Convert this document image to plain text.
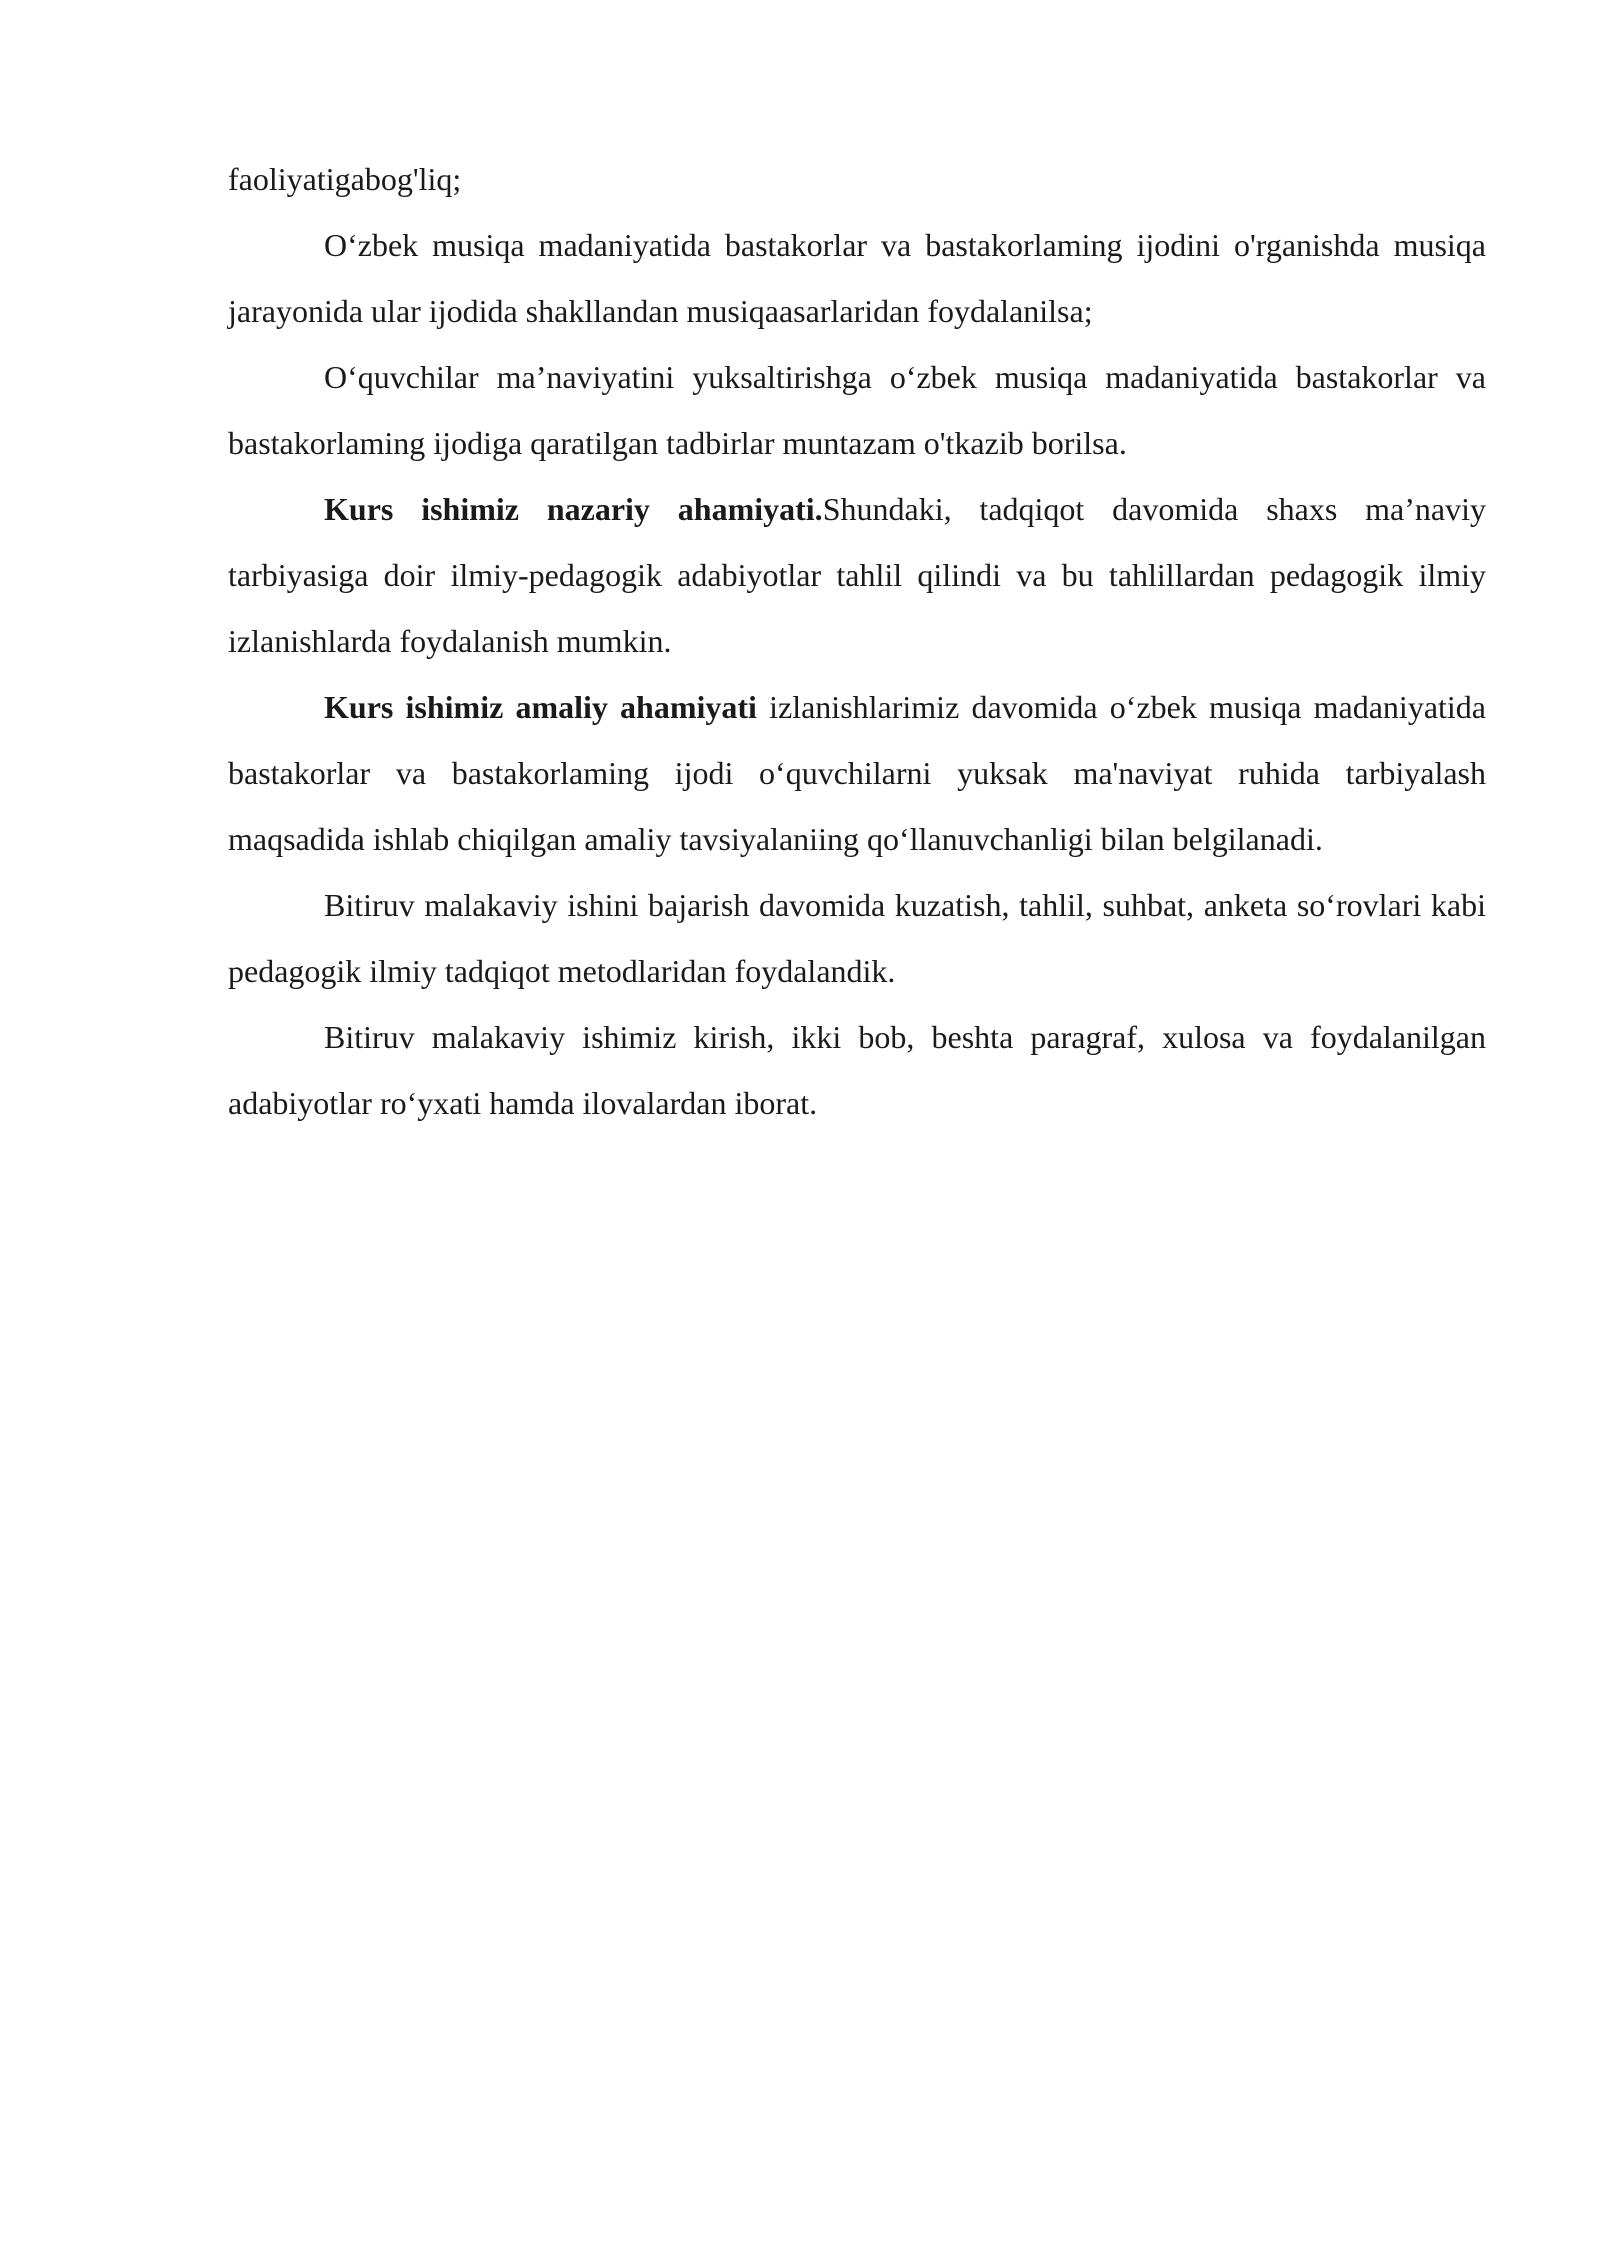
faoliyatigabog'liq;

O‘zbek musiqa madaniyatida bastakorlar va bastakorlaming ijodini o'rganishda musiqa jarayonida ular ijodida shakllandan musiqaasarlaridan foydalanilsa;

O‘quvchilar ma’naviyatini yuksaltirishga o‘zbek musiqa madaniyatida bastakorlar va bastakorlaming ijodiga qaratilgan tadbirlar muntazam o'tkazib borilsa.

Kurs ishimiz nazariy ahamiyati.Shundaki, tadqiqot davomida shaxs ma’naviy tarbiyasiga doir ilmiy-pedagogik adabiyotlar tahlil qilindi va bu tahlillardan pedagogik ilmiy izlanishlarda foydalanish mumkin.

Kurs ishimiz amaliy ahamiyati izlanishlarimiz davomida o‘zbek musiqa madaniyatida bastakorlar va bastakorlaming ijodi o‘quvchilarni yuksak ma'naviyat ruhida tarbiyalash maqsadida ishlab chiqilgan amaliy tavsiyalaniing qo‘llanuvchanligi bilan belgilanadi.

Bitiruv malakaviy ishini bajarish davomida kuzatish, tahlil, suhbat, anketa so‘rovlari kabi pedagogik ilmiy tadqiqot metodlaridan foydalandik.

Bitiruv malakaviy ishimiz kirish, ikki bob, beshta paragraf, xulosa va foydalanilgan adabiyotlar ro‘yxati hamda ilovalardan iborat.
